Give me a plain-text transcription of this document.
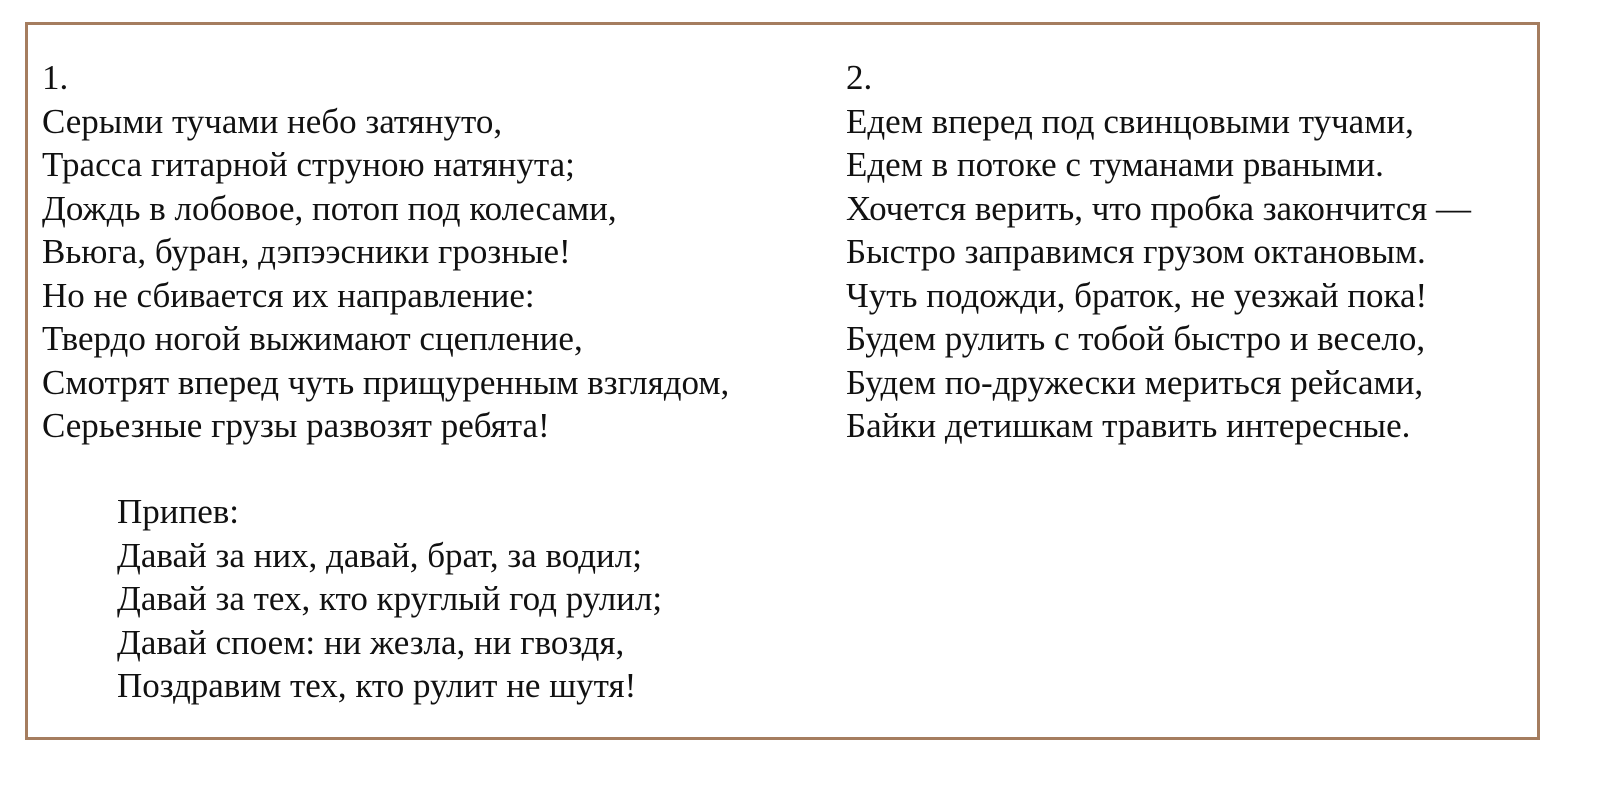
1.
Серыми тучами небо затянуто,
Трасса гитарной струною натянута;
Дождь в лобовое, потоп под колесами,
Вьюга, буран, дэпээсники грозные!
Но не сбивается их направление:
Твердо ногой выжимают сцепление,
Смотрят вперед чуть прищуренным взглядом,
Серьезные грузы развозят ребята!
2.
Едем вперед под свинцовыми тучами,
Едем в потоке с туманами рваными.
Хочется верить, что пробка закончится —
Быстро заправимся грузом октановым.
Чуть подожди, браток, не уезжай пока!
Будем рулить с тобой быстро и весело,
Будем по-дружески мериться рейсами,
Байки детишкам травить интересные.
Припев:
Давай за них, давай, брат, за водил;
Давай за тех, кто круглый год рулил;
Давай споем: ни жезла, ни гвоздя,
Поздравим тех, кто рулит не шутя!
